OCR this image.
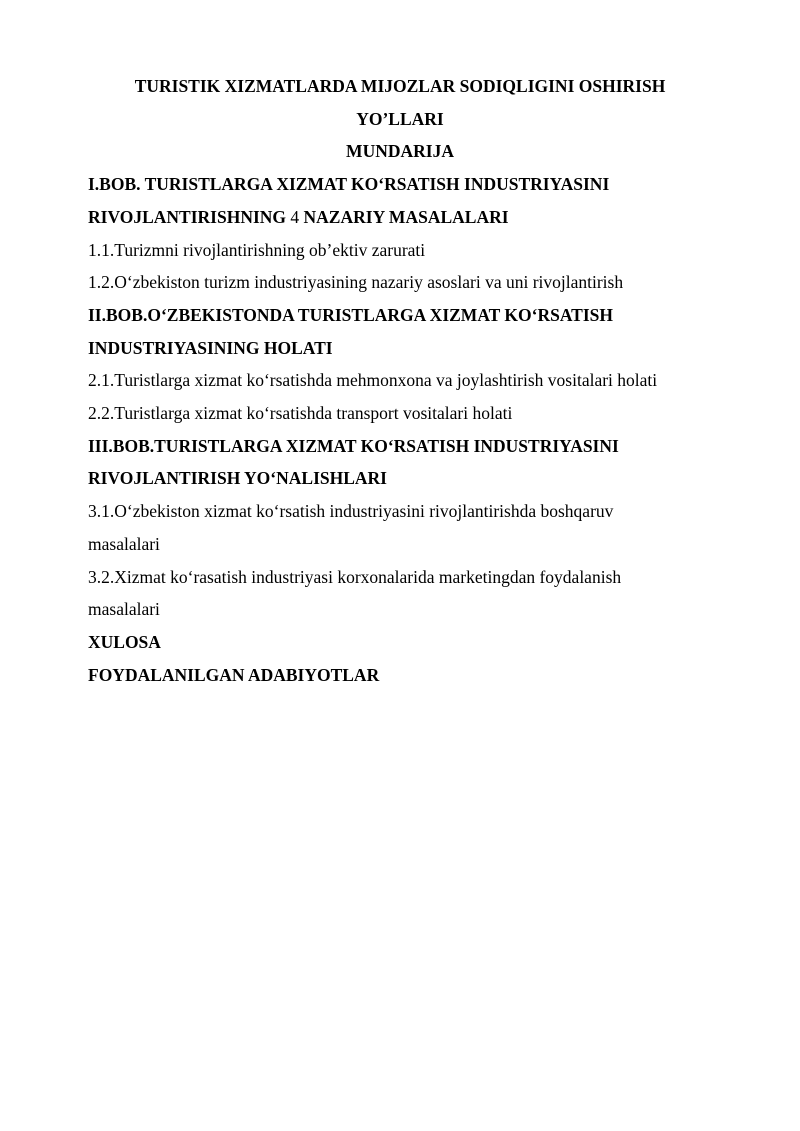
TURISTIK XIZMATLARDA MIJOZLAR SODIQLIGINI OSHIRISH

YO’LLARI

MUNDARIJA

I.BOB. TURISTLARGA XIZMAT KO‘RSATISH INDUSTRIYASINI

RIVOJLANTIRISHNING 4 NAZARIY MASALALARI

1.1.Turizmni rivojlantirishning ob’ektiv zarurati

1.2.O‘zbekiston turizm industriyasining nazariy asoslari va uni rivojlantirish

II.BOB.O‘ZBEKISTONDA TURISTLARGA XIZMAT KO‘RSATISH

INDUSTRIYASINING HOLATI

2.1.Turistlarga xizmat ko‘rsatishda mehmonxona va joylashtirish vositalari holati

2.2.Turistlarga xizmat ko‘rsatishda transport vositalari holati

III.BOB.TURISTLARGA XIZMAT KO‘RSATISH INDUSTRIYASINI

RIVOJLANTIRISH YO‘NALISHLARI

3.1.O‘zbekiston xizmat ko‘rsatish industriyasini rivojlantirishda boshqaruv

masalalari

3.2.Xizmat ko‘rasatish industriyasi korxonalarida marketingdan foydalanish

masalalari

XULOSA

FOYDALANILGAN ADABIYOTLAR
